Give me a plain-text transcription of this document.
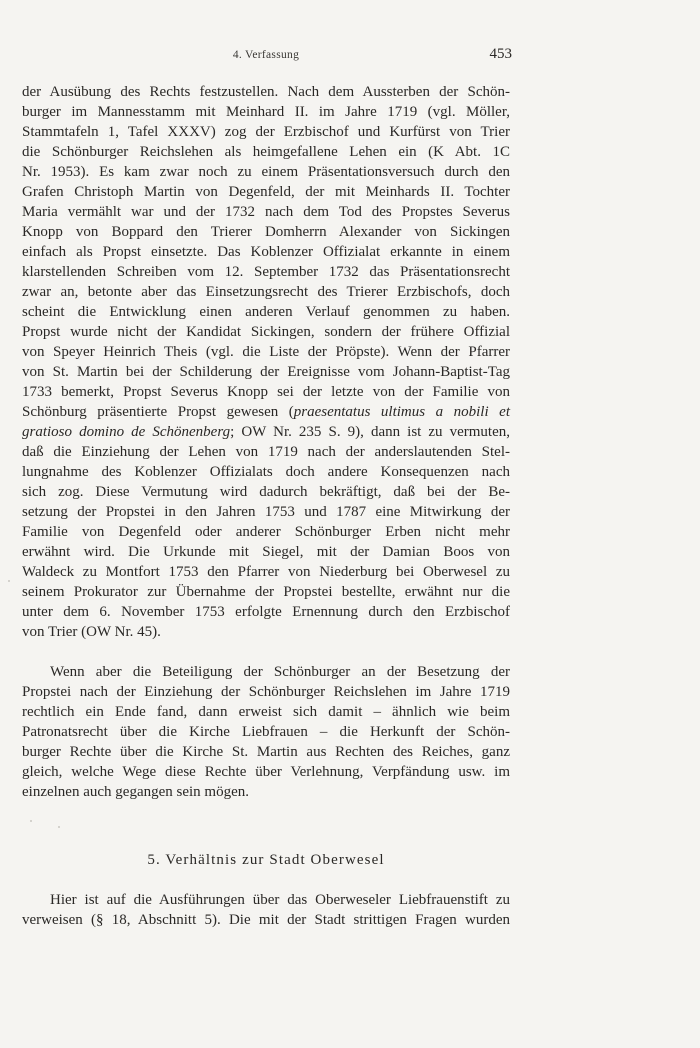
4. Verfassung	453
der Ausübung des Rechts festzustellen. Nach dem Aussterben der Schön-
burger im Mannesstamm mit Meinhard II. im Jahre 1719 (vgl. Möller,
Stammtafeln 1, Tafel XXXV) zog der Erzbischof und Kurfürst von Trier
die Schönburger Reichslehen als heimgefallene Lehen ein (K Abt. 1C
Nr. 1953). Es kam zwar noch zu einem Präsentationsversuch durch den
Grafen Christoph Martin von Degenfeld, der mit Meinhards II. Tochter
Maria vermählt war und der 1732 nach dem Tod des Propstes Severus
Knopp von Boppard den Trierer Domherrn Alexander von Sickingen
einfach als Propst einsetzte. Das Koblenzer Offizialat erkannte in einem
klarstellenden Schreiben vom 12. September 1732 das Präsentationsrecht
zwar an, betonte aber das Einsetzungsrecht des Trierer Erzbischofs, doch
scheint die Entwicklung einen anderen Verlauf genommen zu haben.
Propst wurde nicht der Kandidat Sickingen, sondern der frühere Offizial
von Speyer Heinrich Theis (vgl. die Liste der Pröpste). Wenn der Pfarrer
von St. Martin bei der Schilderung der Ereignisse vom Johann-Baptist-Tag
1733 bemerkt, Propst Severus Knopp sei der letzte von der Familie von
Schönburg präsentierte Propst gewesen (praesentatus ultimus a nobili et
gratioso domino de Schönenberg; OW Nr. 235 S. 9), dann ist zu vermuten,
daß die Einziehung der Lehen von 1719 nach der anderslautenden Stel-
lungnahme des Koblenzer Offizialats doch andere Konsequenzen nach
sich zog. Diese Vermutung wird dadurch bekräftigt, daß bei der Be-
setzung der Propstei in den Jahren 1753 und 1787 eine Mitwirkung der
Familie von Degenfeld oder anderer Schönburger Erben nicht mehr
erwähnt wird. Die Urkunde mit Siegel, mit der Damian Boos von
Waldeck zu Montfort 1753 den Pfarrer von Niederburg bei Oberwesel zu
seinem Prokurator zur Übernahme der Propstei bestellte, erwähnt nur die
unter dem 6. November 1753 erfolgte Ernennung durch den Erzbischof
von Trier (OW Nr. 45).
Wenn aber die Beteiligung der Schönburger an der Besetzung der
Propstei nach der Einziehung der Schönburger Reichslehen im Jahre 1719
rechtlich ein Ende fand, dann erweist sich damit – ähnlich wie beim
Patronatsrecht über die Kirche Liebfrauen – die Herkunft der Schön-
burger Rechte über die Kirche St. Martin aus Rechten des Reiches, ganz
gleich, welche Wege diese Rechte über Verlehnung, Verpfändung usw. im
einzelnen auch gegangen sein mögen.
5. Verhältnis zur Stadt Oberwesel
Hier ist auf die Ausführungen über das Oberweseler Liebfrauenstift zu
verweisen (§ 18, Abschnitt 5). Die mit der Stadt strittigen Fragen wurden
